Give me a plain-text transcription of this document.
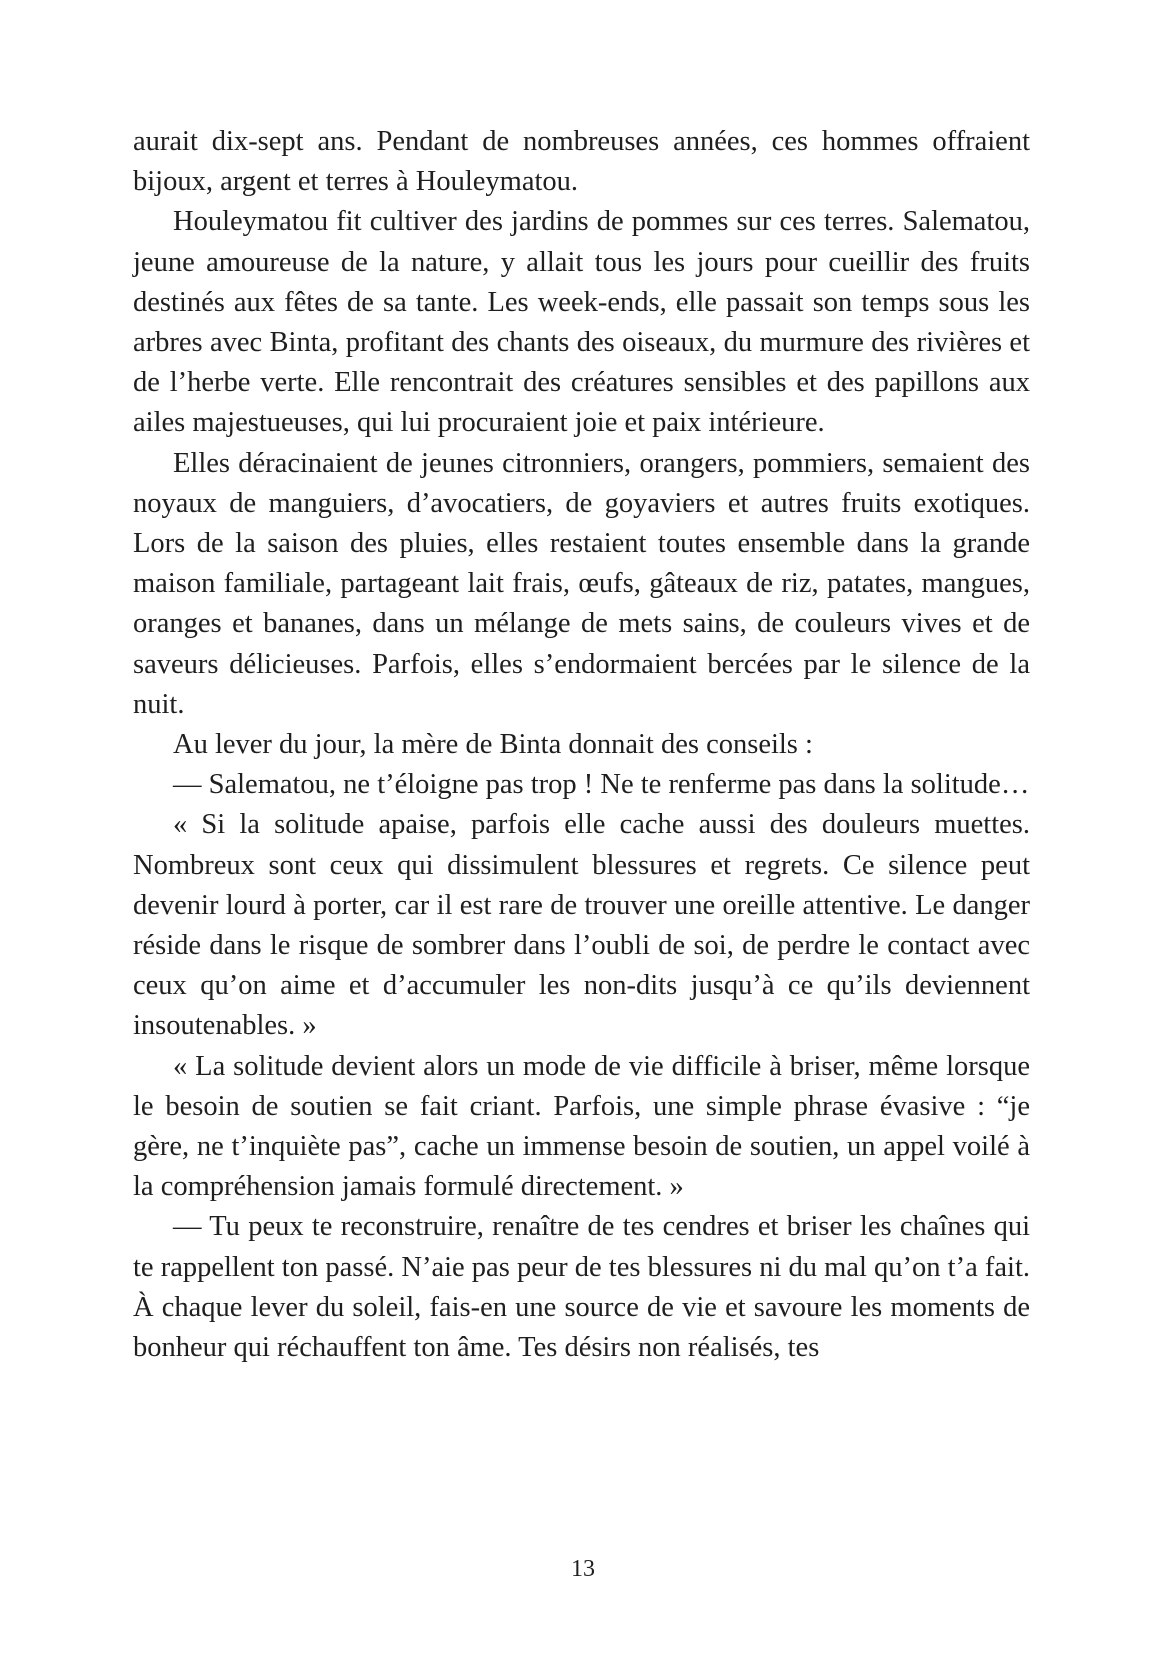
aurait dix-sept ans. Pendant de nombreuses années, ces hommes offraient bijoux, argent et terres à Houleymatou.

Houleymatou fit cultiver des jardins de pommes sur ces terres. Salematou, jeune amoureuse de la nature, y allait tous les jours pour cueillir des fruits destinés aux fêtes de sa tante. Les week-ends, elle passait son temps sous les arbres avec Binta, profitant des chants des oiseaux, du murmure des rivières et de l’herbe verte. Elle rencontrait des créatures sensibles et des papillons aux ailes majestueuses, qui lui procuraient joie et paix intérieure.

Elles déracinaient de jeunes citronniers, orangers, pommiers, semaient des noyaux de manguiers, d’avocatiers, de goyaviers et autres fruits exotiques. Lors de la saison des pluies, elles restaient toutes ensemble dans la grande maison familiale, partageant lait frais, œufs, gâteaux de riz, patates, mangues, oranges et bananes, dans un mélange de mets sains, de couleurs vives et de saveurs délicieuses. Parfois, elles s’endormaient bercées par le silence de la nuit.

Au lever du jour, la mère de Binta donnait des conseils :

— Salematou, ne t’éloigne pas trop ! Ne te renferme pas dans la solitude…

« Si la solitude apaise, parfois elle cache aussi des douleurs muettes. Nombreux sont ceux qui dissimulent blessures et regrets. Ce silence peut devenir lourd à porter, car il est rare de trouver une oreille attentive. Le danger réside dans le risque de sombrer dans l’oubli de soi, de perdre le contact avec ceux qu’on aime et d’accumuler les non-dits jusqu’à ce qu’ils deviennent insoutenables. »

« La solitude devient alors un mode de vie difficile à briser, même lorsque le besoin de soutien se fait criant. Parfois, une simple phrase évasive : “je gère, ne t’inquiète pas”, cache un immense besoin de soutien, un appel voilé à la compréhension jamais formulé directement. »

— Tu peux te reconstruire, renaître de tes cendres et briser les chaînes qui te rappellent ton passé. N’aie pas peur de tes blessures ni du mal qu’on t’a fait. À chaque lever du soleil, fais-en une source de vie et savoure les moments de bonheur qui réchauffent ton âme. Tes désirs non réalisés, tes

13
